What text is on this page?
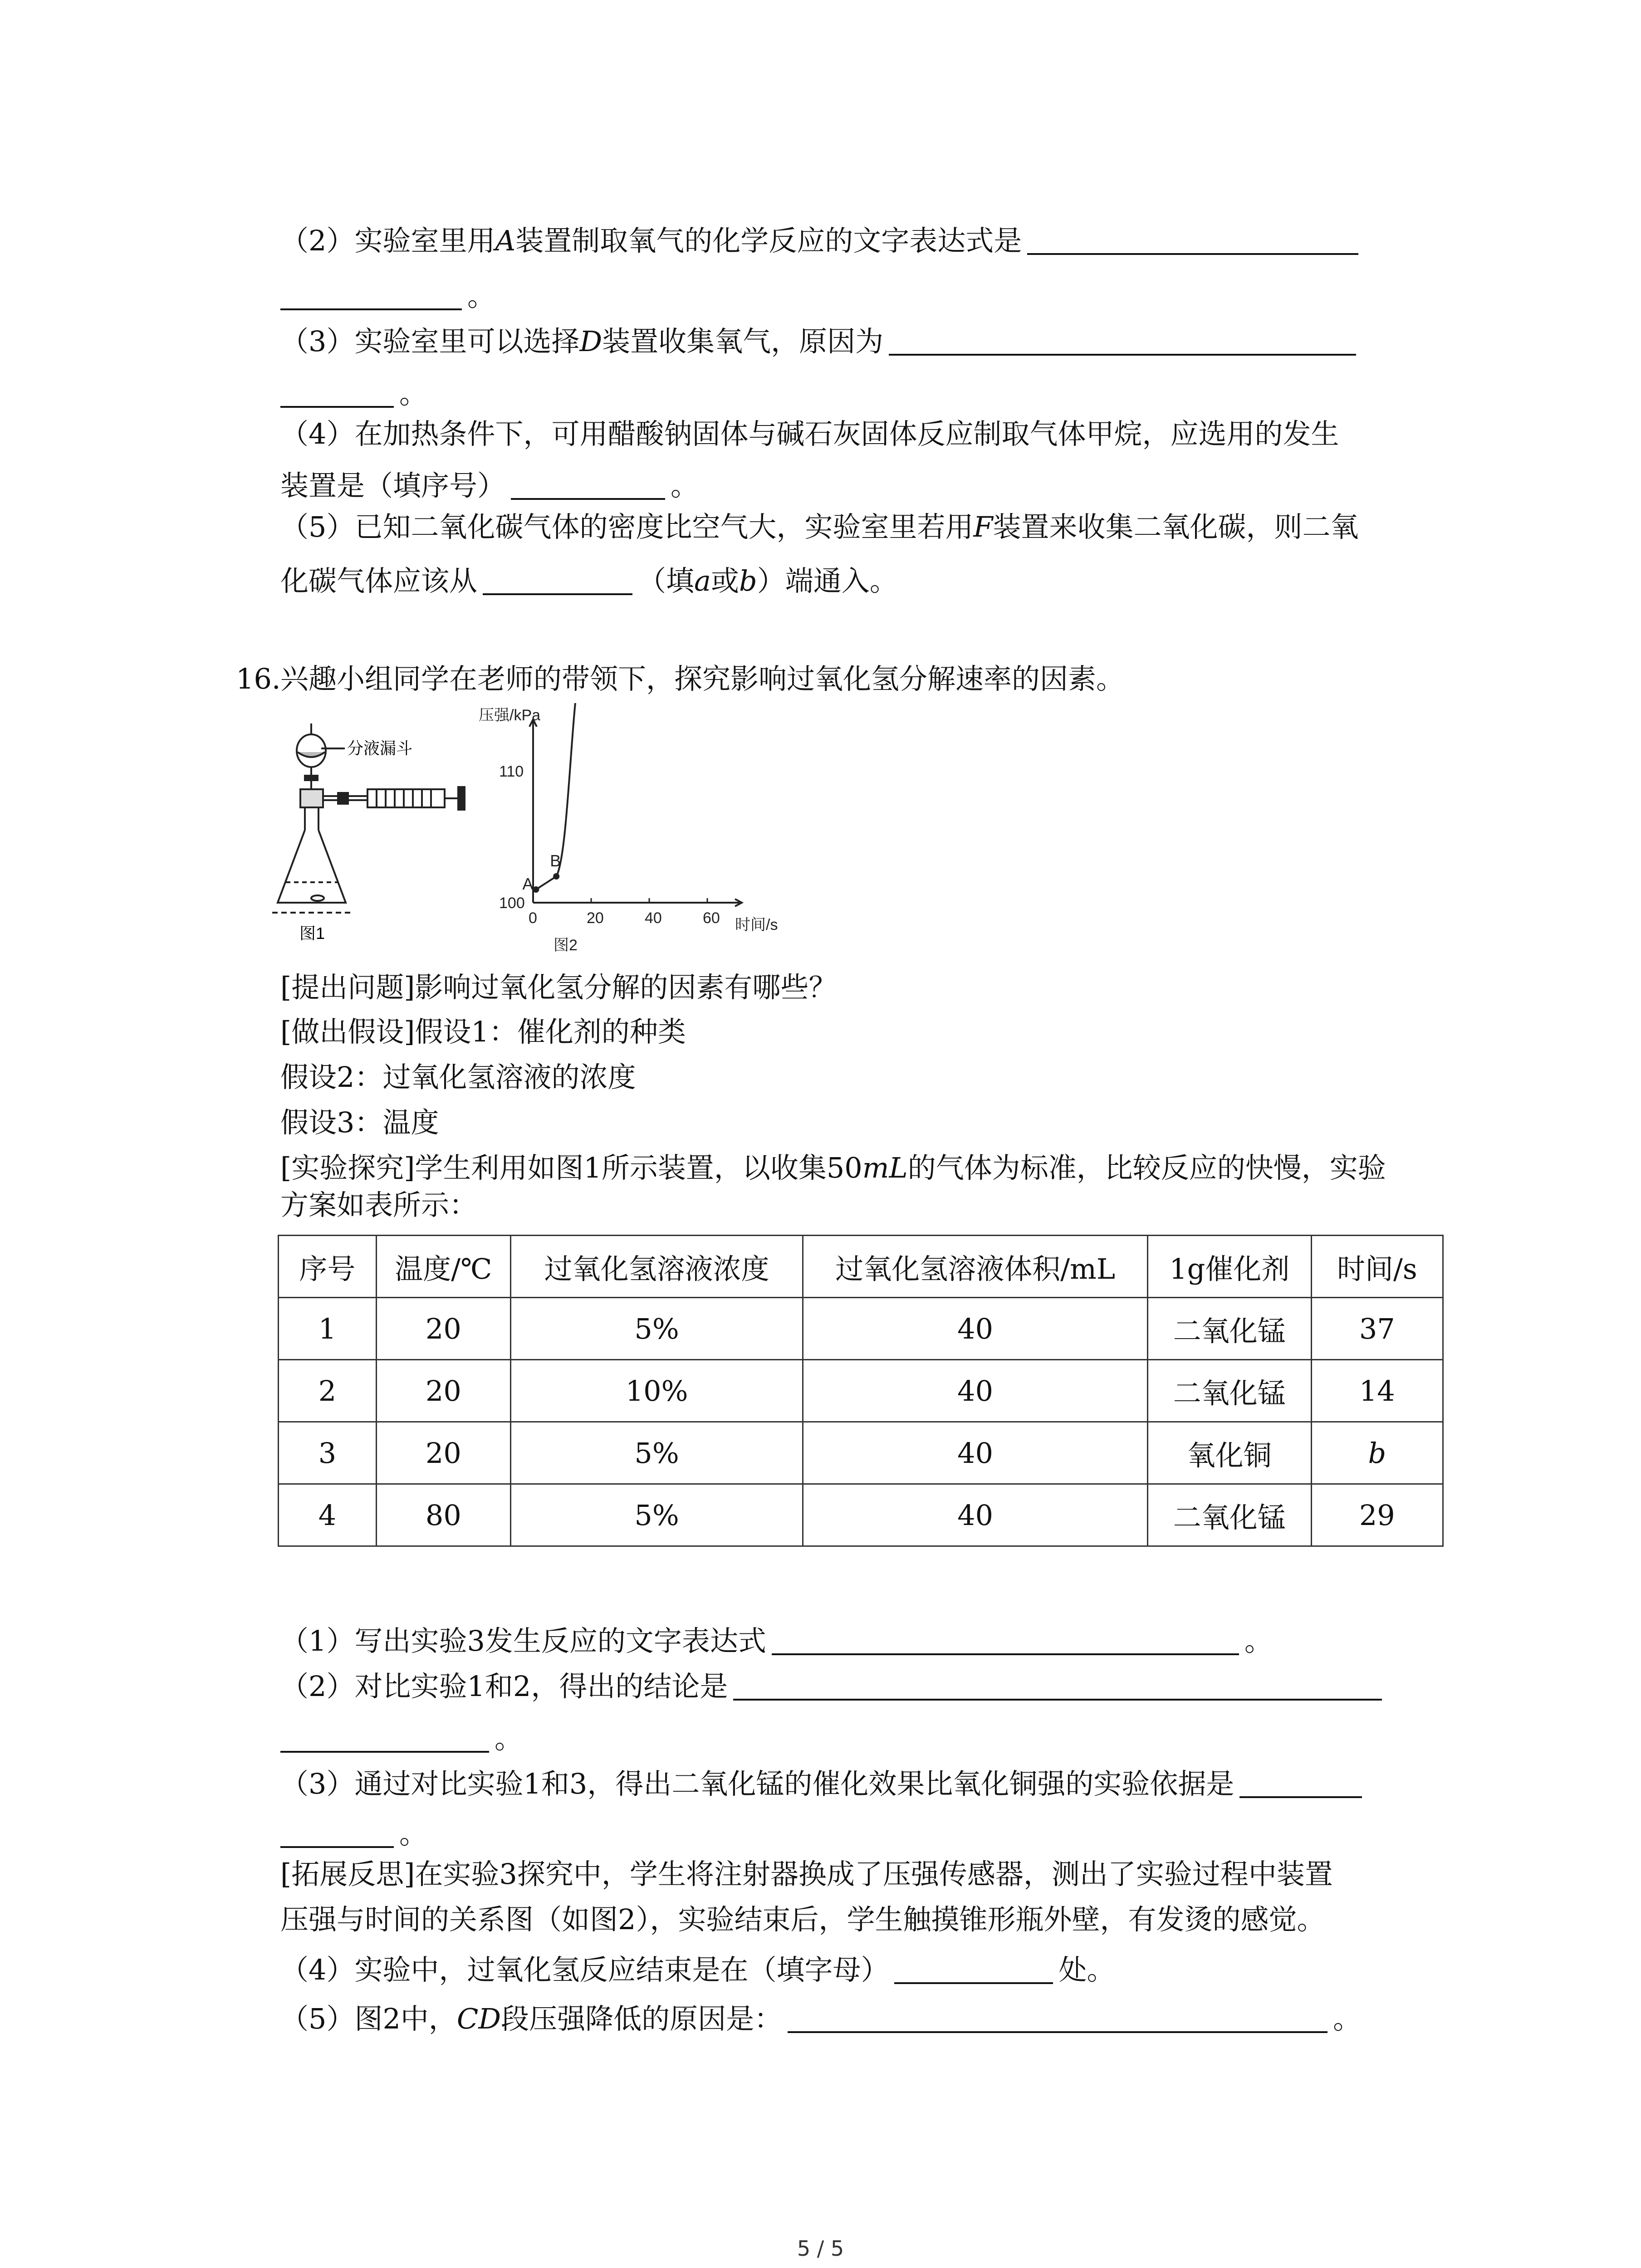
（2）实验室里用A装置制取氧气的化学反应的文字表达式是

。

（3）实验室里可以选择D装置收集氧气，原因为

。

（4）在加热条件下，可用醋酸钠固体与碱石灰固体反应制取气体甲烷，应选用的发生

装置是（填序号）	。

（5）已知二氧化碳气体的密度比空气大，实验室里若用F装置来收集二氧化碳，则二氧

化碳气体应该从	（填a或b）端通入。

16. 兴趣小组同学在老师的带领下，探究影响过氧化氢分解速率的因素。

分液漏斗
图1
压强/kPa
时间/s
图2
0	20	40	60
100
110
A
B

[提出问题]影响过氧化氢分解的因素有哪些？

[做出假设]假设1：催化剂的种类

假设2：过氧化氢溶液的浓度

假设3：温度

[实验探究]学生利用如图1所示装置，以收集50mL的气体为标准，比较反应的快慢，实验

方案如表所示：

序号	温度/℃	过氧化氢溶液浓度	过氧化氢溶液体积/mL	1g催化剂	时间/s
1	20	5%	40	二氧化锰	37
2	20	10%	40	二氧化锰	14
3	20	5%	40	氧化铜	b
4	80	5%	40	二氧化锰	29

（1）写出实验3发生反应的文字表达式	。

（2）对比实验1和2，得出的结论是

。

（3）通过对比实验1和3，得出二氧化锰的催化效果比氧化铜强的实验依据是

。

[拓展反思]在实验3探究中，学生将注射器换成了压强传感器，测出了实验过程中装置

压强与时间的关系图（如图2），实验结束后，学生触摸锥形瓶外壁，有发烫的感觉。

（4）实验中，过氧化氢反应结束是在（填字母）	处。

（5）图2中，CD段压强降低的原因是：	。

5 / 5
